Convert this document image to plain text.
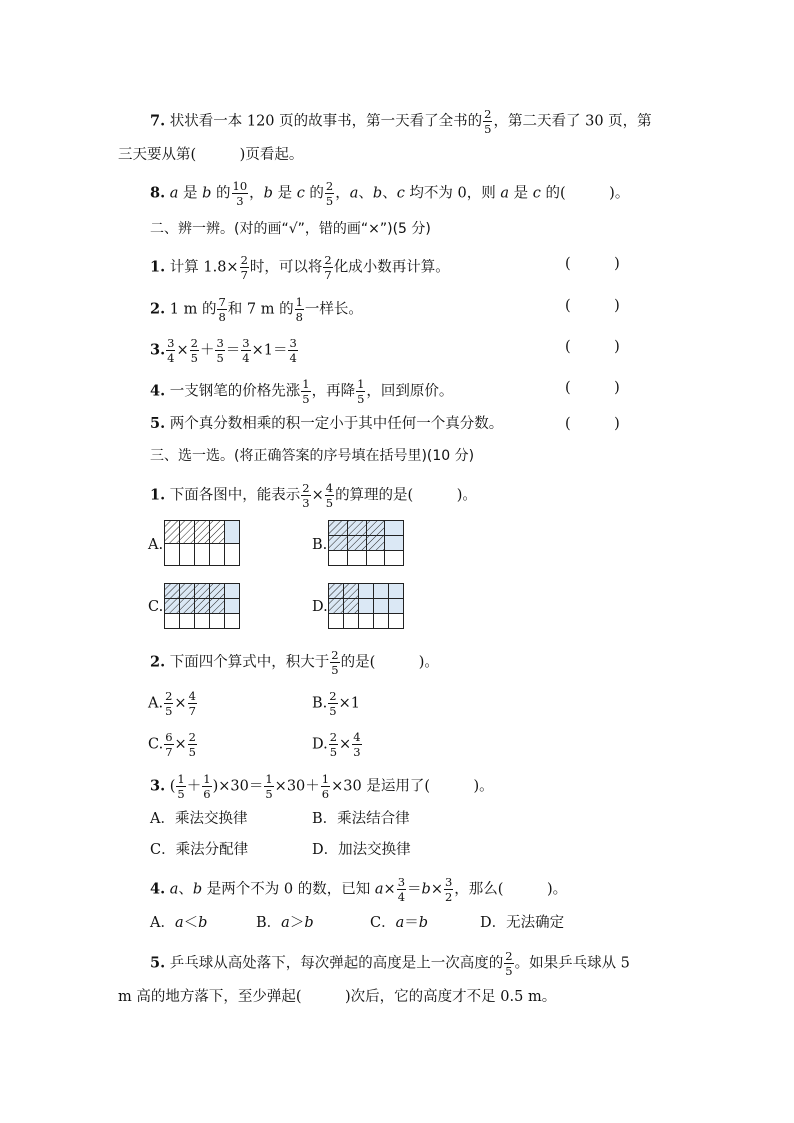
7. 状状看一本 120 页的故事书，第一天看了全书的 $\frac{2}{5}$ ，第二天看了 30 页，第
三天要从第(　　　)页看起。
8. a 是 b 的 $\frac{10}{3}$ ，b 是 c 的 $\frac{2}{5}$ ，a、b、c 均不为 0，则 a 是 c 的(　　　)。
二、辨一辨。(对的画“√”，错的画“×”)(5 分)
1. 计算 $1.8\times \frac{2}{7}$ 时，可以将 $\frac{2}{7}$ 化成小数再计算。	(　　　)
2. 1 m 的 $\frac{7}{8}$ 和 7 m 的 $\frac{1}{8}$ 一样长。	(　　　)
3. $\frac{3}{4} \times \frac{2}{5} + \frac{3}{5} = \frac{3}{4} \times 1= \frac{3}{4}$	(　　　)
4. 一支钢笔的价格先涨 $\frac{1}{5}$ ，再降 $\frac{1}{5}$ ，回到原价。	(　　　)
5. 两个真分数相乘的积一定小于其中任何一个真分数。	(　　　)
三、选一选。(将正确答案的序号填在括号里)(10 分)
1. 下面各图中，能表示 $\frac{2}{3} \times \frac{4}{5}$ 的算理的是(　　　)。
A.	B.
C.	D.
2. 下面四个算式中，积大于 $\frac{2}{5}$ 的是(　　　)。
A. $\frac{2}{5} \times \frac{4}{7}$	B. $\frac{2}{5} \times 1$
C. $\frac{6}{7} \times \frac{2}{5}$	D. $\frac{2}{5} \times \frac{4}{3}$
3. ( $\frac{1}{5} + \frac{1}{6} )\times 30= \frac{1}{5} \times 30+ \frac{1}{6} \times 30$ 是运用了(　　　)。
A．乘法交换律	B．乘法结合律
C．乘法分配律	D．加法交换律
4. a、b 是两个不为 0 的数，已知 $a\times \frac{3}{4} =b\times \frac{3}{2}$ ，那么(　　　)。
A．a＜b	B．a＞b	C．a＝b	D．无法确定
5. 乒乓球从高处落下，每次弹起的高度是上一次高度的 $\frac{2}{5}$ 。如果乒乓球从 5
m 高的地方落下，至少弹起(　　　)次后，它的高度才不足 0.5 m。
